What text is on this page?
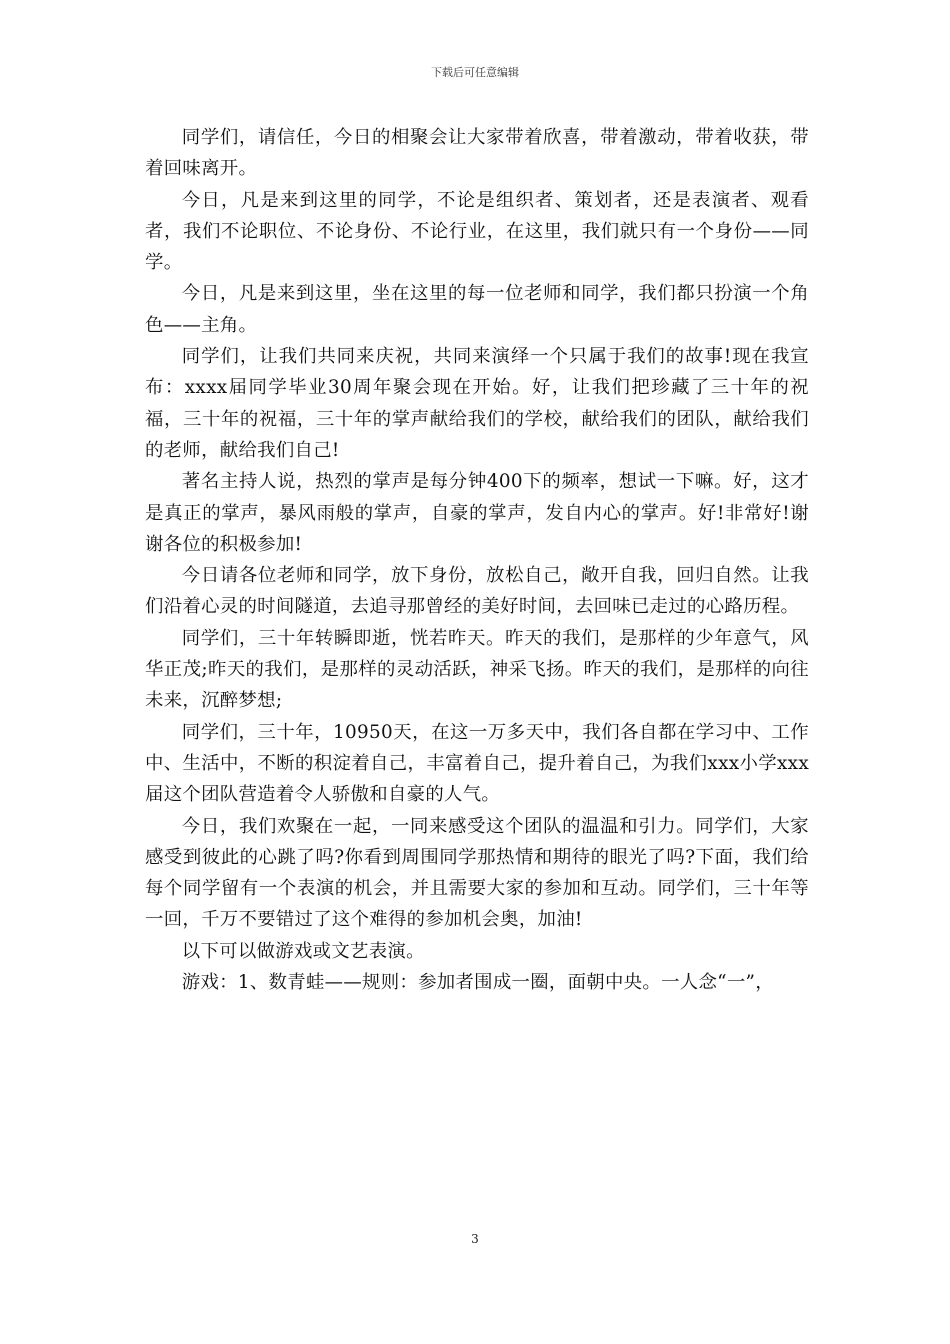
下载后可任意编辑

同学们，请信任，今日的相聚会让大家带着欣喜，带着激动，带着收获，带着回味离开。

今日，凡是来到这里的同学，不论是组织者、策划者，还是表演者、观看者，我们不论职位、不论身份、不论行业，在这里，我们就只有一个身份——同学。

今日，凡是来到这里，坐在这里的每一位老师和同学，我们都只扮演一个角色——主角。

同学们，让我们共同来庆祝，共同来演绎一个只属于我们的故事!现在我宣布：xxxx届同学毕业30周年聚会现在开始。好，让我们把珍藏了三十年的祝福，三十年的祝福，三十年的掌声献给我们的学校，献给我们的团队，献给我们的老师，献给我们自己!

著名主持人说，热烈的掌声是每分钟400下的频率，想试一下嘛。好，这才是真正的掌声，暴风雨般的掌声，自豪的掌声，发自内心的掌声。好!非常好!谢谢各位的积极参加!

今日请各位老师和同学，放下身份，放松自己，敞开自我，回归自然。让我们沿着心灵的时间隧道，去追寻那曾经的美好时间，去回味已走过的心路历程。

同学们，三十年转瞬即逝，恍若昨天。昨天的我们，是那样的少年意气，风华正茂;昨天的我们，是那样的灵动活跃，神采飞扬。昨天的我们，是那样的向往未来，沉醉梦想;

同学们，三十年，10950天，在这一万多天中，我们各自都在学习中、工作中、生活中，不断的积淀着自己，丰富着自己，提升着自己，为我们xxx小学xxx届这个团队营造着令人骄傲和自豪的人气。

今日，我们欢聚在一起，一同来感受这个团队的温温和引力。同学们，大家感受到彼此的心跳了吗?你看到周围同学那热情和期待的眼光了吗?下面，我们给每个同学留有一个表演的机会，并且需要大家的参加和互动。同学们，三十年等一回，千万不要错过了这个难得的参加机会奥，加油!

以下可以做游戏或文艺表演。

游戏：1、数青蛙——规则：参加者围成一圈，面朝中央。一人念“一”，

3
